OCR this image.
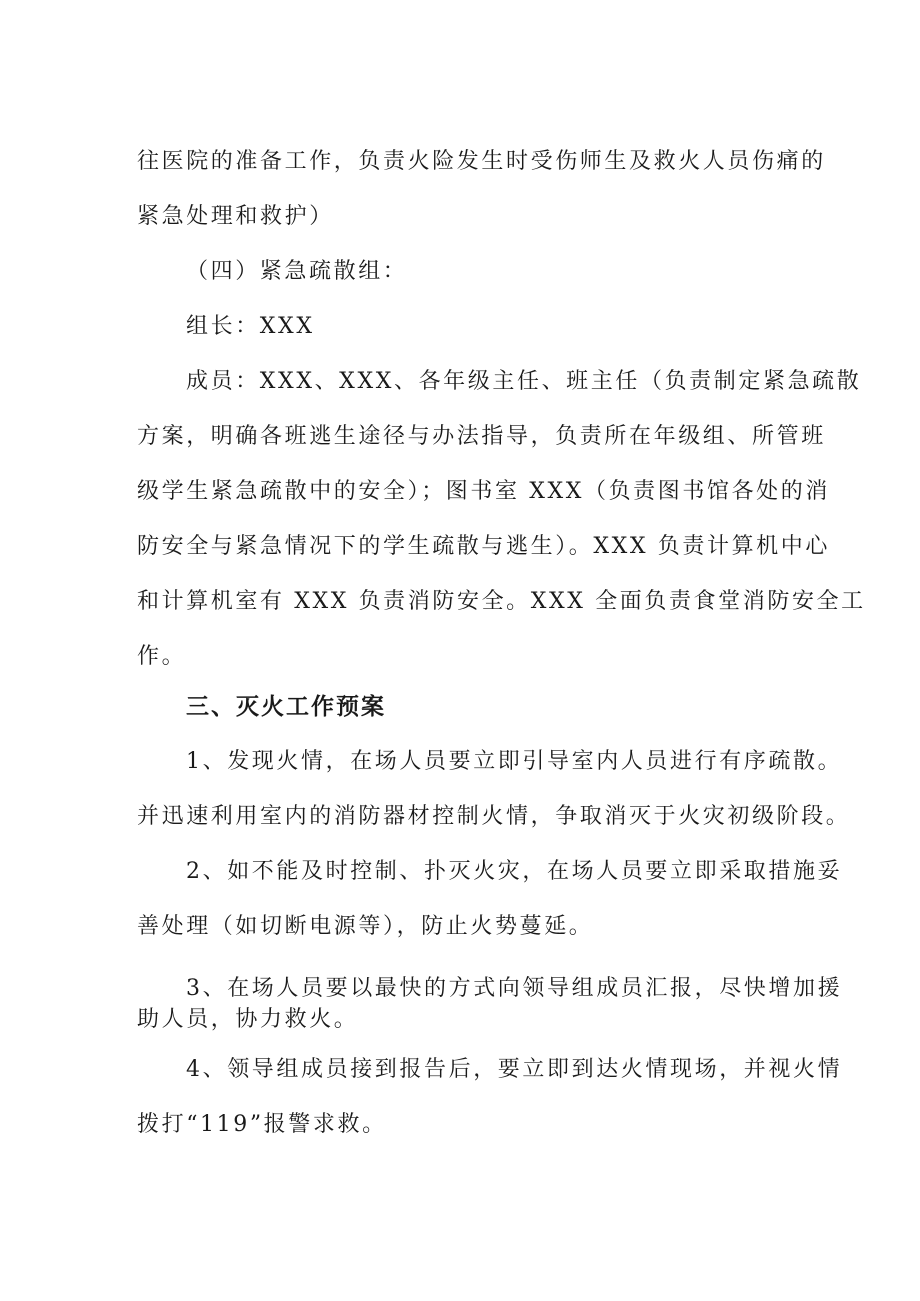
往医院的准备工作，负责火险发生时受伤师生及救火人员伤痛的
紧急处理和救护）
（四）紧急疏散组：
组长：XXX
成员：XXX、XXX、各年级主任、班主任（负责制定紧急疏散
方案，明确各班逃生途径与办法指导，负责所在年级组、所管班
级学生紧急疏散中的安全）；图书室 XXX（负责图书馆各处的消
防安全与紧急情况下的学生疏散与逃生）。XXX 负责计算机中心
和计算机室有 XXX 负责消防安全。XXX 全面负责食堂消防安全工
作。
三、灭火工作预案
1、发现火情，在场人员要立即引导室内人员进行有序疏散。
并迅速利用室内的消防器材控制火情，争取消灭于火灾初级阶段。
2、如不能及时控制、扑灭火灾，在场人员要立即采取措施妥
善处理（如切断电源等），防止火势蔓延。
3、在场人员要以最快的方式向领导组成员汇报，尽快增加援
助人员，协力救火。
4、领导组成员接到报告后，要立即到达火情现场，并视火情
拨打“119”报警求救。
